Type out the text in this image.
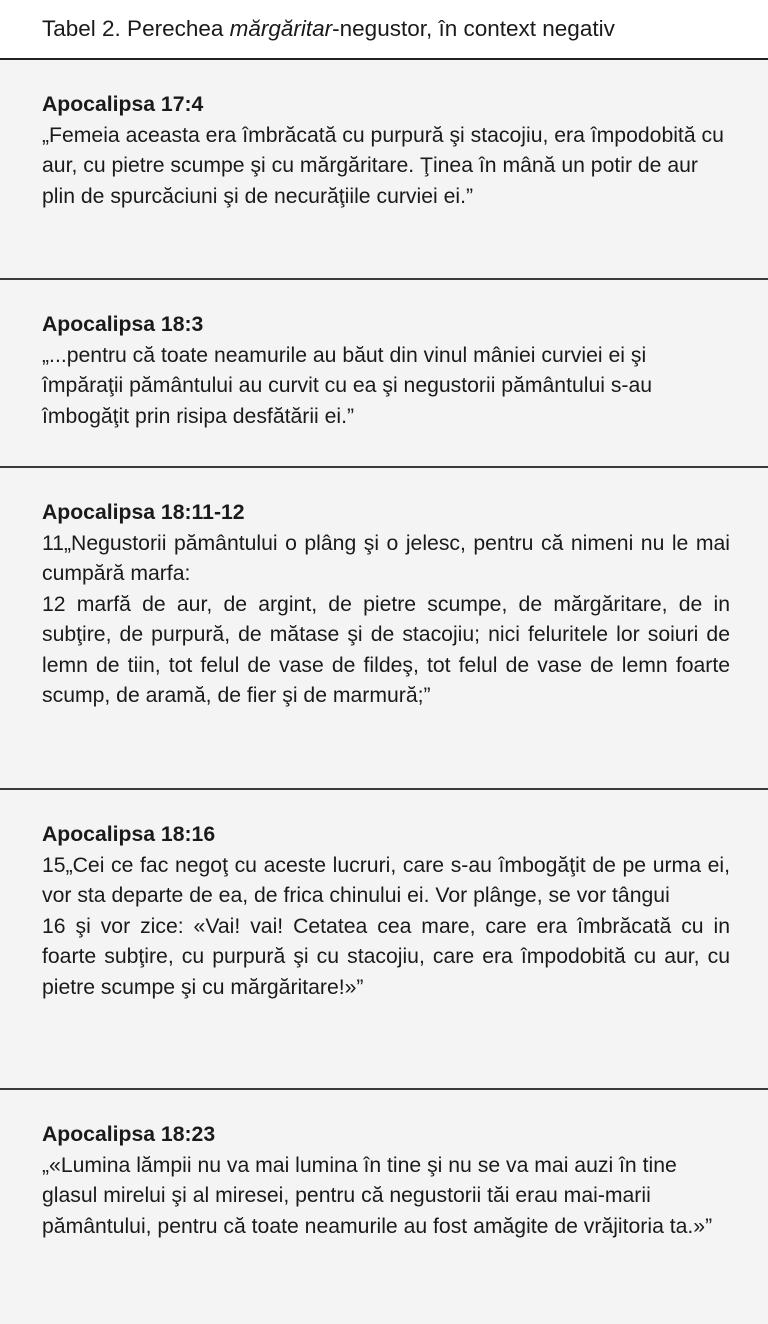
Tabel 2. Perechea mărgăritar-negustor, în context negativ
Apocalipsa 17:4
„Femeia aceasta era îmbrăcată cu purpură şi stacojiu, era împodobită cu aur, cu pietre scumpe şi cu mărgăritare. Ţinea în mână un potir de aur plin de spurcăciuni şi de necurăţiile curviei ei.”
Apocalipsa 18:3
„...pentru că toate neamurile au băut din vinul mâniei curviei ei şi împăraţii pământului au curvit cu ea şi negustorii pământului s-au îmbogăţit prin risipa desfătării ei.”
Apocalipsa 18:11-12
11„Negustorii pământului o plâng şi o jelesc, pentru că nimeni nu le mai cumpără marfa:
12 marfă de aur, de argint, de pietre scumpe, de mărgăritare, de in subţire, de purpură, de mătase şi de stacojiu; nici feluritele lor soiuri de lemn de tiin, tot felul de vase de fildeş, tot felul de vase de lemn foarte scump, de aramă, de fier şi de marmură;”
Apocalipsa 18:16
15„Cei ce fac negoţ cu aceste lucruri, care s-au îmbogăţit de pe urma ei, vor sta departe de ea, de frica chinului ei. Vor plânge, se vor tângui
16 şi vor zice: «Vai! vai! Cetatea cea mare, care era îmbrăcată cu in foarte subţire, cu purpură şi cu stacojiu, care era împodobită cu aur, cu pietre scumpe şi cu mărgăritare!»”
Apocalipsa 18:23
„«Lumina lămpii nu va mai lumina în tine şi nu se va mai auzi în tine glasul mirelui şi al miresei, pentru că negustorii tăi erau mai-marii pământului, pentru că toate neamurile au fost amăgite de vrăjitoria ta.»”
